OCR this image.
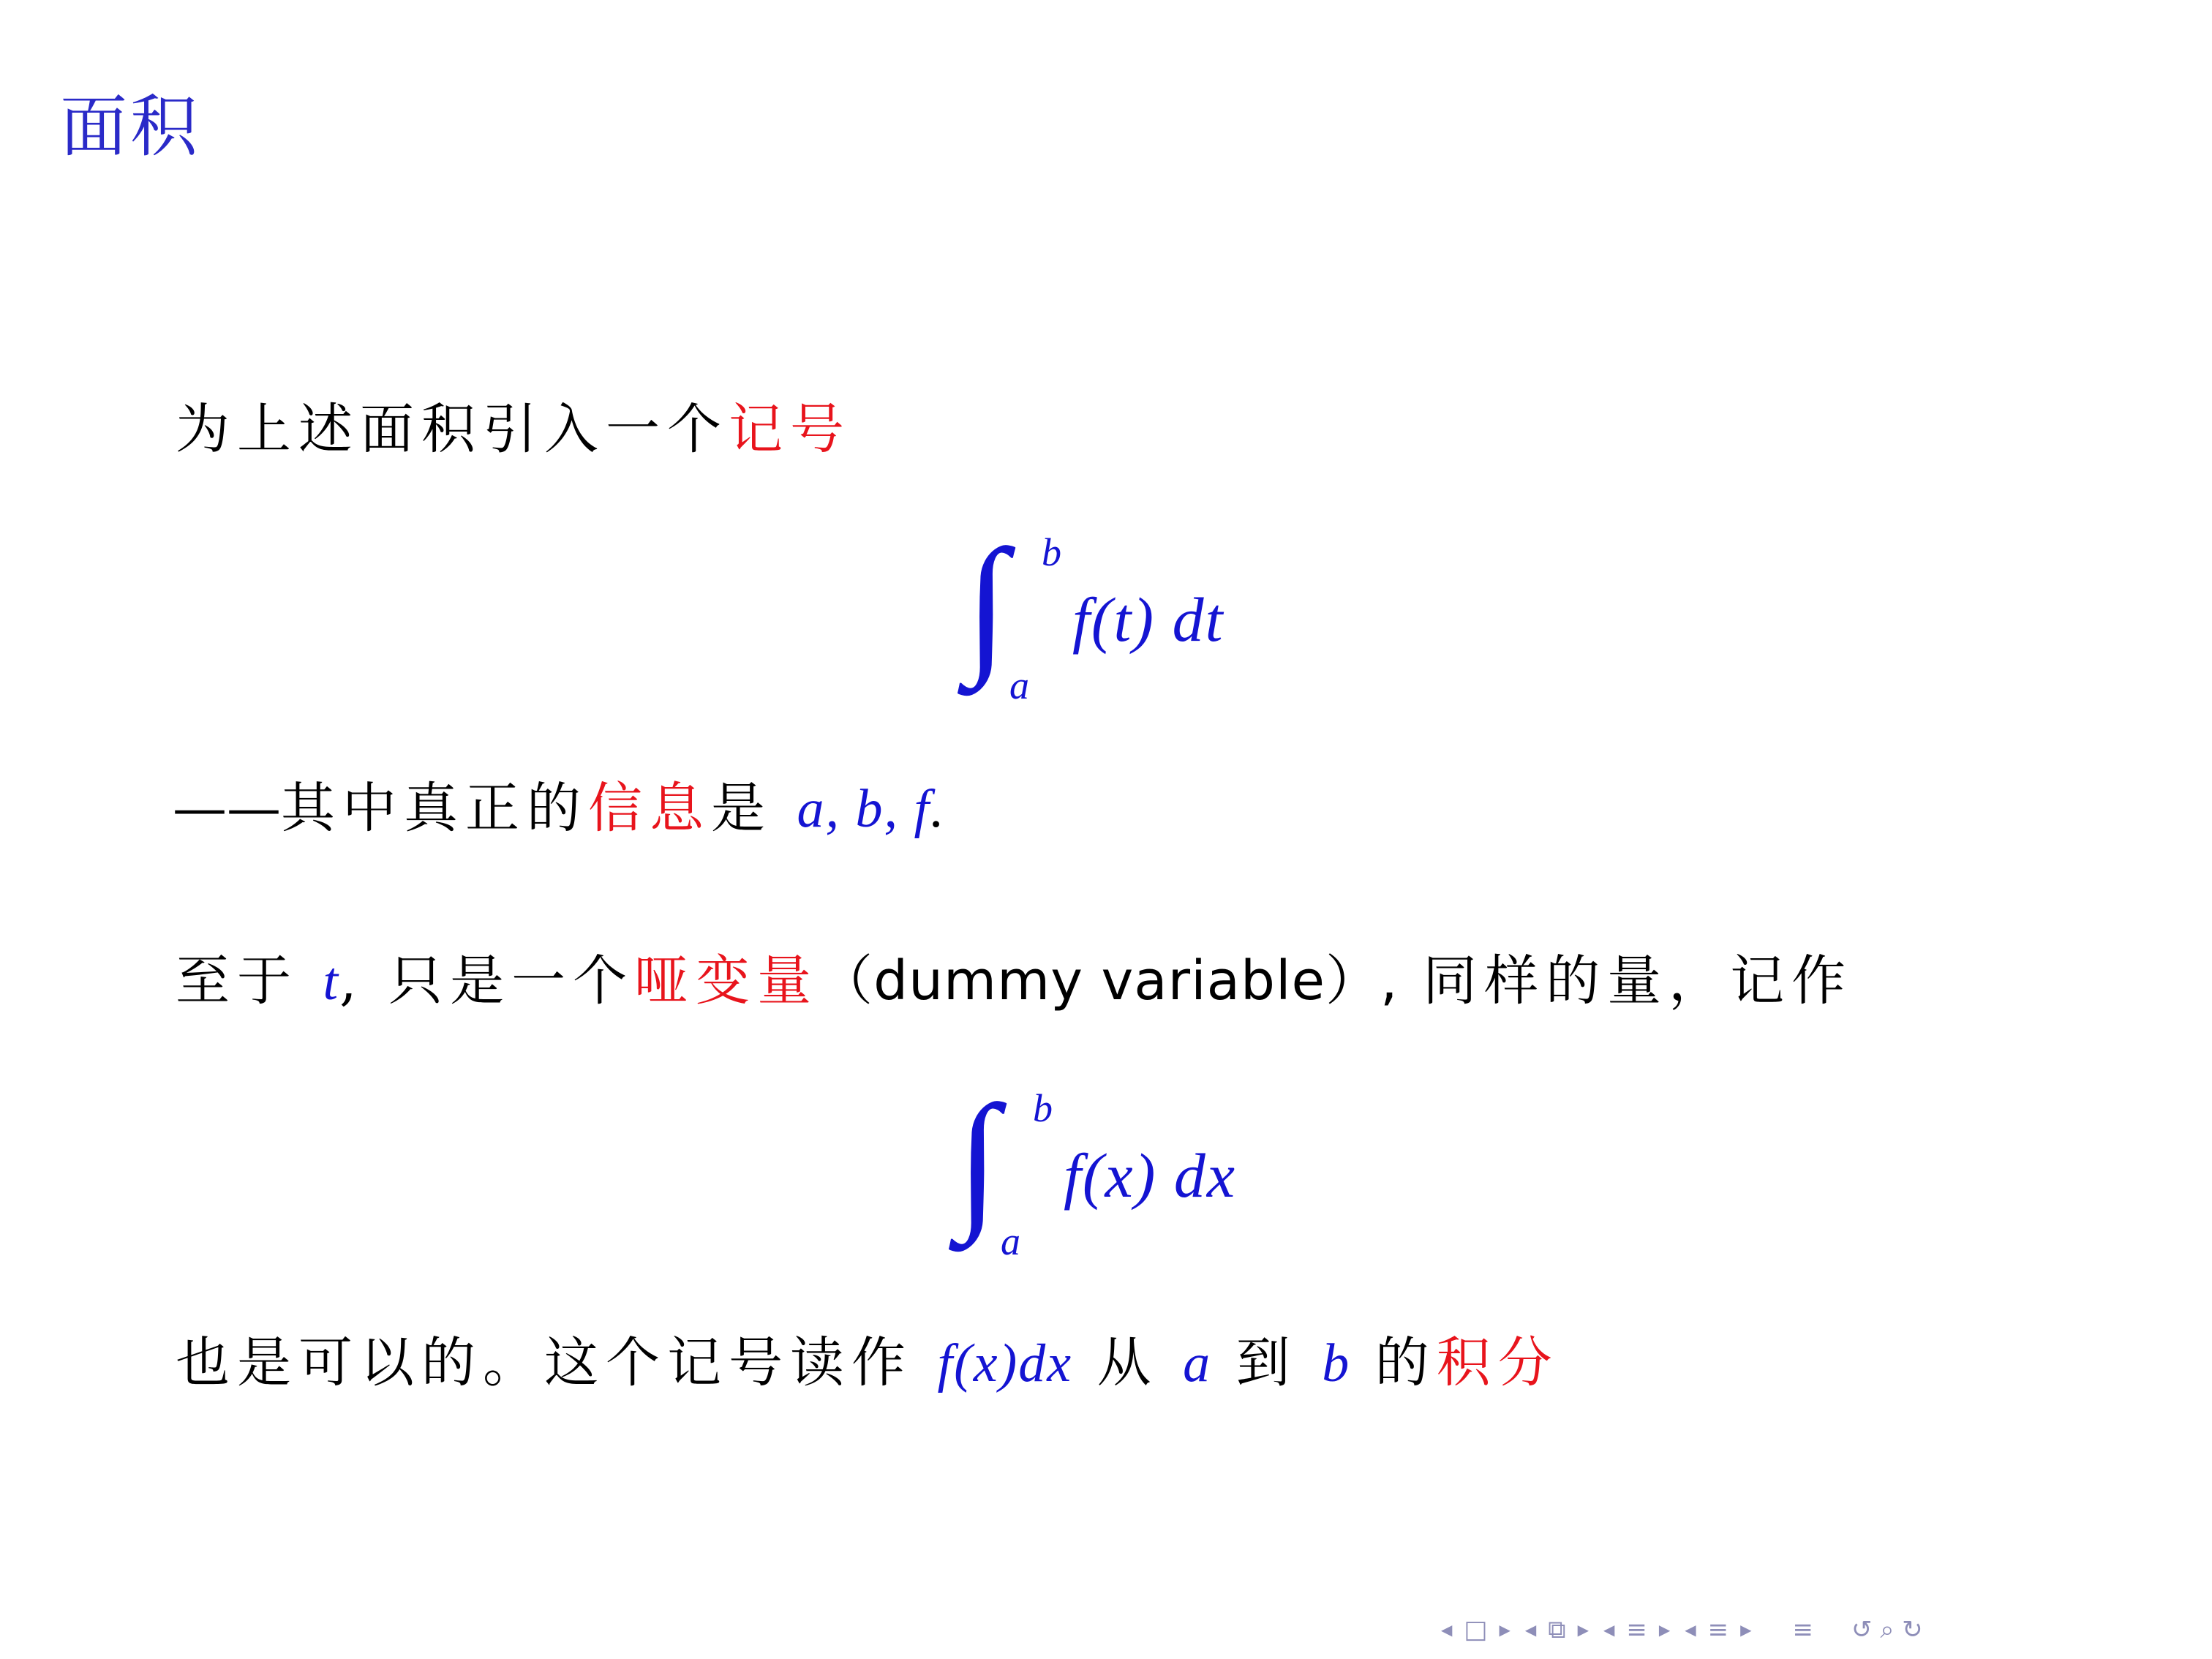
面积
为上述面积引入一个记号
∫ b
a
f(t) dt
——其中真正的信息是 a, b, f.
至于 t, 只是一个哑变量（dummy variable）, 同样的量，记作
∫ b
a
f(x) dx
也是可以的。这个记号读作 f(x)dx 从 a 到 b 的积分
◀ □ ▶ ◀ ⧉ ▶ ◀ ≡ ▶ ◀ ≡ ▶ ≡ ↺ ⌕ ↻
